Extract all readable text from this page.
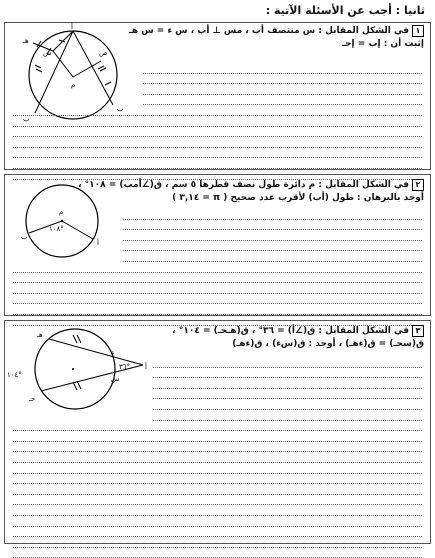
ثانيا : أجب عن الأسئلة الآتية :
١في الشكل المقابل : س منتصف أب ، مس ⊥ أب ، س ء = س هـ
إثبت أن : إب = إحـ
أ
ب
س
م
هـ
ص
ب
٢في الشكل المقابل : م دائرة طول نصف قطرها ٥ سم ، ق(∠أمب) = ١٠٨° ،
أوجد بالبرهان : طول (أب) لأقرب عدد صحيح ( π = ٣,١٤ )
م
١٠٨°
ب
أ
٣في الشكل المقابل : ق(∠أ) = ٣٦° ، ق(هـحـ) = ١٠٤° ،
ق(سحـ) = ق(ءهـ) ، أوجد : ق(سء) ، ق(ءهـ)
هـ
ء
أ
س
حـ
٣٦°
١٠٤°
